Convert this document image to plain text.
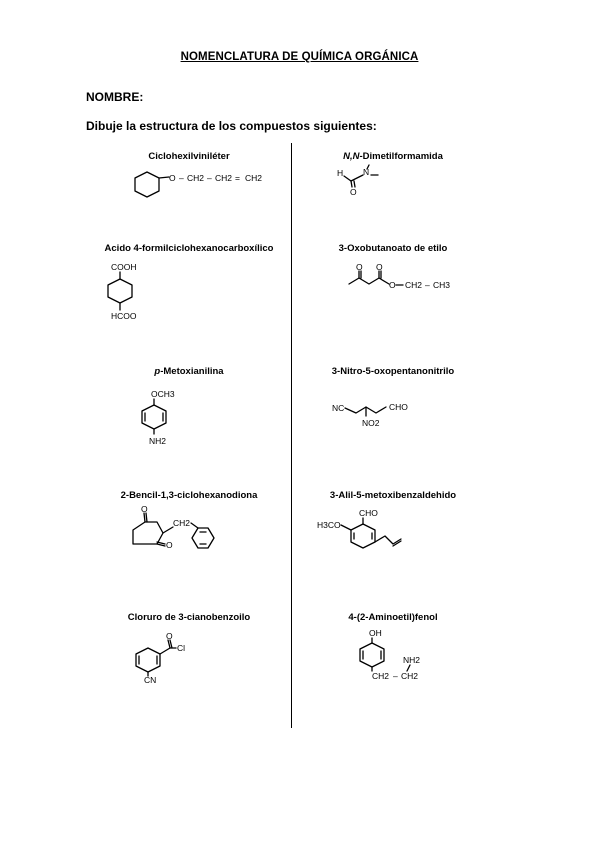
NOMENCLATURA DE QUÍMICA ORGÁNICA
NOMBRE:
Dibuje la estructura de los compuestos siguientes:
Ciclohexilviniléter
O – CH2 – CH2 = CH2
N,N-Dimetilformamida
H
O
N
Acido 4-formilciclohexanocarboxílico
COOH
HCOO
3-Oxobutanoato de etilo
O O
O CH2 – CH3
p-Metoxianilina
OCH3
NH2
3-Nitro-5-oxopentanonitrilo
NC	CHO
NO2
2-Bencil-1,3-ciclohexanodiona
O
O
CH2
3-Alil-5-metoxibenzaldehido
CHO
H3CO
Cloruro de 3-cianobenzoilo
O
Cl
CN
4-(2-Aminoetil)fenol
OH
NH2
CH2 – CH2
